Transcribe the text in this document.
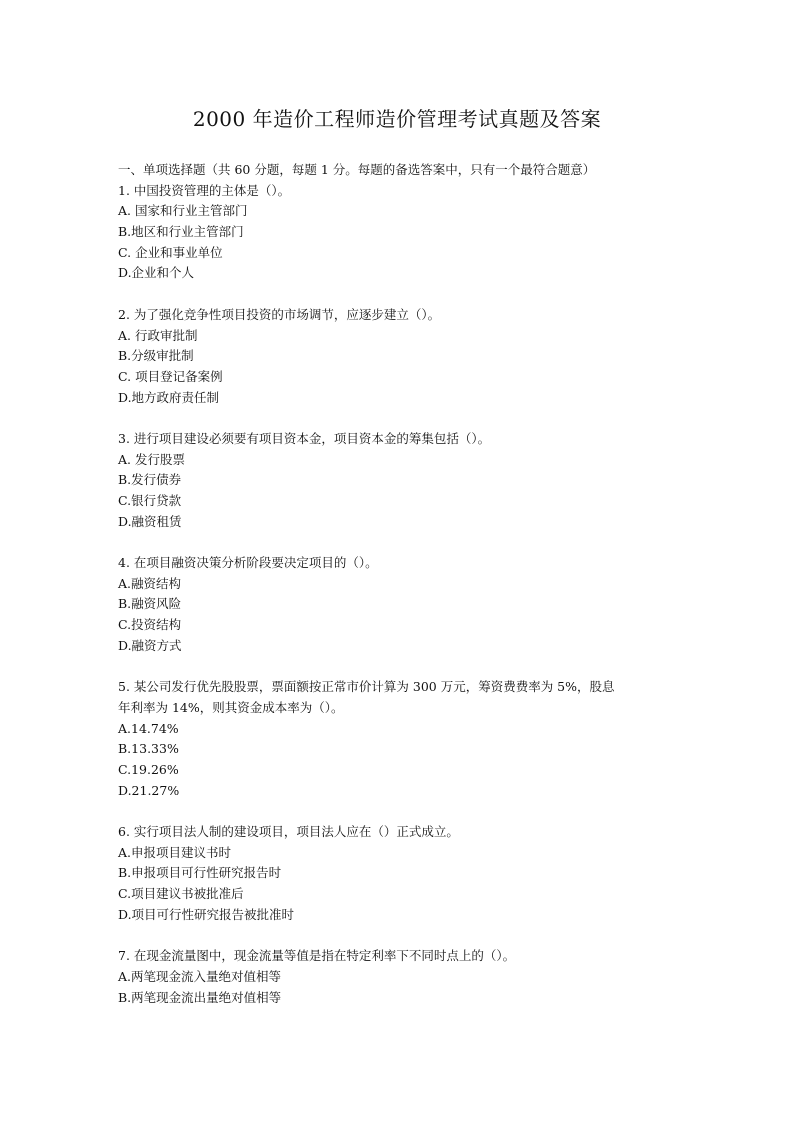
2000 年造价工程师造价管理考试真题及答案
一、单项选择题（共 60 分题，每题 1 分。每题的备选答案中，只有一个最符合题意）
1. 中国投资管理的主体是（）。
A. 国家和行业主管部门
B.地区和行业主管部门
C. 企业和事业单位
D.企业和个人
2. 为了强化竞争性项目投资的市场调节，应逐步建立（）。
A. 行政审批制
B.分级审批制
C. 项目登记备案例
D.地方政府责任制
3. 进行项目建设必须要有项目资本金，项目资本金的筹集包括（）。
A. 发行股票
B.发行债券
C.银行贷款
D.融资租赁
4. 在项目融资决策分析阶段要决定项目的（）。
A.融资结构
B.融资风险
C.投资结构
D.融资方式
5. 某公司发行优先股股票，票面额按正常市价计算为 300 万元，筹资费费率为 5%，股息
年利率为 14%，则其资金成本率为（）。
A.14.74%
B.13.33%
C.19.26%
D.21.27%
6. 实行项目法人制的建设项目，项目法人应在（）正式成立。
A.申报项目建议书时
B.申报项目可行性研究报告时
C.项目建议书被批准后
D.项目可行性研究报告被批准时
7. 在现金流量图中，现金流量等值是指在特定利率下不同时点上的（）。
A.两笔现金流入量绝对值相等
B.两笔现金流出量绝对值相等
